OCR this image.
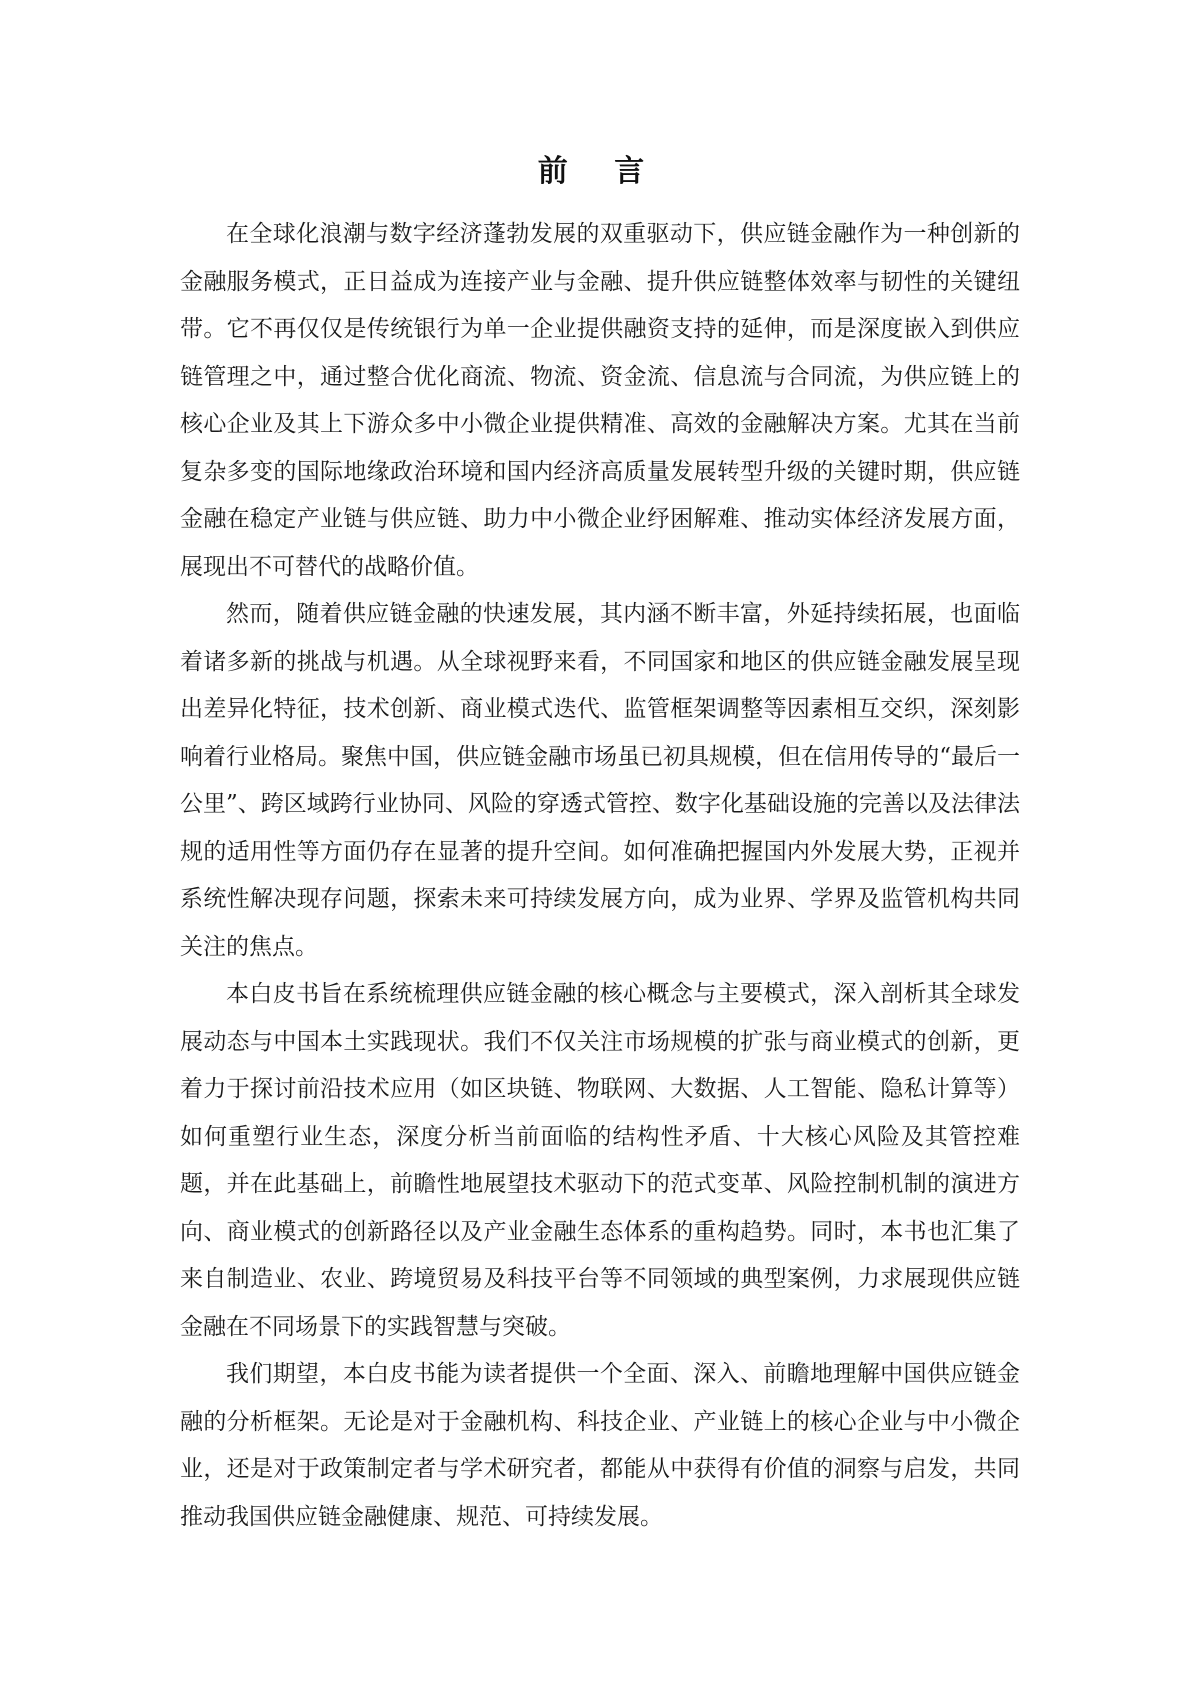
前 言

在全球化浪潮与数字经济蓬勃发展的双重驱动下，供应链金融作为一种创新的金融服务模式，正日益成为连接产业与金融、提升供应链整体效率与韧性的关键纽带。它不再仅仅是传统银行为单一企业提供融资支持的延伸，而是深度嵌入到供应链管理之中，通过整合优化商流、物流、资金流、信息流与合同流，为供应链上的核心企业及其上下游众多中小微企业提供精准、高效的金融解决方案。尤其在当前复杂多变的国际地缘政治环境和国内经济高质量发展转型升级的关键时期，供应链金融在稳定产业链与供应链、助力中小微企业纾困解难、推动实体经济发展方面，展现出不可替代的战略价值。

然而，随着供应链金融的快速发展，其内涵不断丰富，外延持续拓展，也面临着诸多新的挑战与机遇。从全球视野来看，不同国家和地区的供应链金融发展呈现出差异化特征，技术创新、商业模式迭代、监管框架调整等因素相互交织，深刻影响着行业格局。聚焦中国，供应链金融市场虽已初具规模，但在信用传导的“最后一公里”、跨区域跨行业协同、风险的穿透式管控、数字化基础设施的完善以及法律法规的适用性等方面仍存在显著的提升空间。如何准确把握国内外发展大势，正视并系统性解决现存问题，探索未来可持续发展方向，成为业界、学界及监管机构共同关注的焦点。

本白皮书旨在系统梳理供应链金融的核心概念与主要模式，深入剖析其全球发展动态与中国本土实践现状。我们不仅关注市场规模的扩张与商业模式的创新，更着力于探讨前沿技术应用（如区块链、物联网、大数据、人工智能、隐私计算等）如何重塑行业生态，深度分析当前面临的结构性矛盾、十大核心风险及其管控难题，并在此基础上，前瞻性地展望技术驱动下的范式变革、风险控制机制的演进方向、商业模式的创新路径以及产业金融生态体系的重构趋势。同时，本书也汇集了来自制造业、农业、跨境贸易及科技平台等不同领域的典型案例，力求展现供应链金融在不同场景下的实践智慧与突破。

我们期望，本白皮书能为读者提供一个全面、深入、前瞻地理解中国供应链金融的分析框架。无论是对于金融机构、科技企业、产业链上的核心企业与中小微企业，还是对于政策制定者与学术研究者，都能从中获得有价值的洞察与启发，共同推动我国供应链金融健康、规范、可持续发展。
